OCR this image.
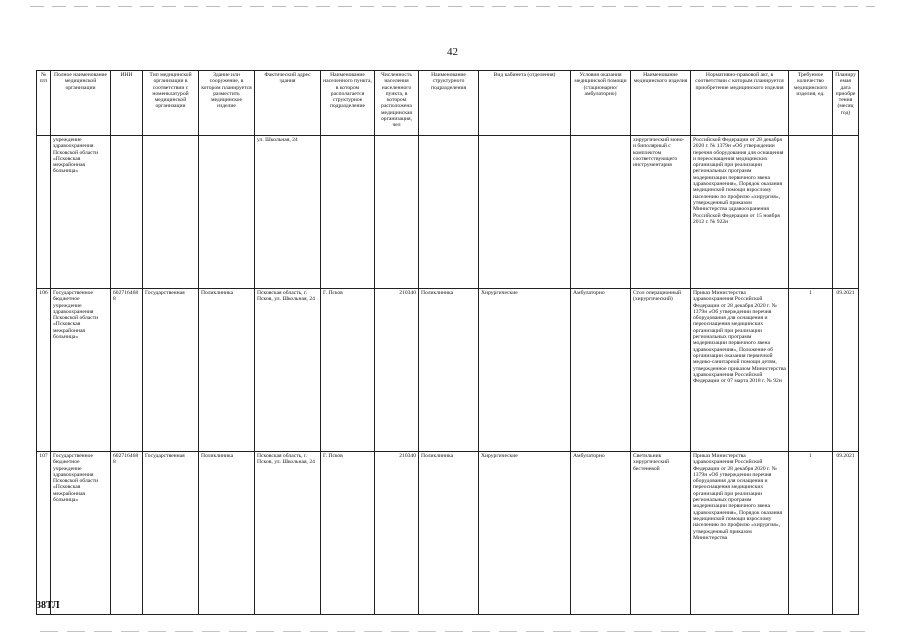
42
№ п/п	Полное наименование медицинской организации	ИНН	Тип медицинской организации в соответствии с номенклатурой медицинской организации	Здание или сооружение, в котором планируется разместить медицинское изделие	Фактический адрес здания	Наименование населенного пункта, в котором располагается структурное подразделение	Численность населения населенного пункта, в котором расположена медицинская организация, чел	Наименование структурного подразделения	Вид кабинета (отделения)	Условия оказания медицинской помощи (стационарно/амбулаторно)	Наименование медицинского изделия	Нормативно-правовой акт, в соответствии с которым планируется приобретение медицинского изделия	Требуемое количество медицинского изделия, ед.	Планируемая дата приобретения (месяц год)
	учреждение здравоохранения Псковской области «Псковская межрайонная больница»				ул. Школьная, 24						хирургический моно- и биполярный с комплектом соответствующего инструментария	Российской Федерации от 28 декабря 2020 г. № 1379н «Об утверждении перечня оборудования для оснащения и переоснащения медицинских организаций при реализации региональных программ модернизации первичного звена здравоохранения», Порядок оказания медицинской помощи взрослому населению по профилю «хирургия», утвержденный приказом Министерства здравоохранения Российской Федерации от 15 ноября 2012 г. № 922н		
106	Государственное бюджетное учреждение здравоохранения Псковской области «Псковская межрайонная больница»	6027164688	Государственная	Поликлиника	Псковская область, г. Псков, ул. Школьная, 24	Г. Псков	210340	Поликлиника	Хирургические	Амбулаторно	Стол операционный (хирургический)	Приказ Министерства здравоохранения Российской Федерации от 28 декабря 2020 г. № 1379н «Об утверждении перечня оборудования для оснащения и переоснащения медицинских организаций при реализации региональных программ модернизации первичного звена здравоохранения», Положение об организации оказания первичной медико-санитарной помощи детям, утвержденное приказом Министерства здравоохранения Российской Федерации от 07 марта 2018 г. № 92н	1	09.2021
107	Государственное бюджетное учреждение здравоохранения Псковской области «Псковская межрайонная больница»	6027164688	Государственная	Поликлиника	Псковская область, г. Псков, ул. Школьная, 24	Г. Псков	210340	Поликлиника	Хирургические	Амбулаторно	Светильник хирургический бестеневой	Приказ Министерства здравоохранения Российской Федерации от 28 декабря 2020 г. № 1379н «Об утверждении перечня оборудования для оснащения и переоснащения медицинских организаций при реализации региональных программ модернизации первичного звена здравоохранения», Порядок оказания медицинской помощи взрослому населению по профилю «хирургия», утвержденный приказом Министерства	1	09.2021
38ТЛ
